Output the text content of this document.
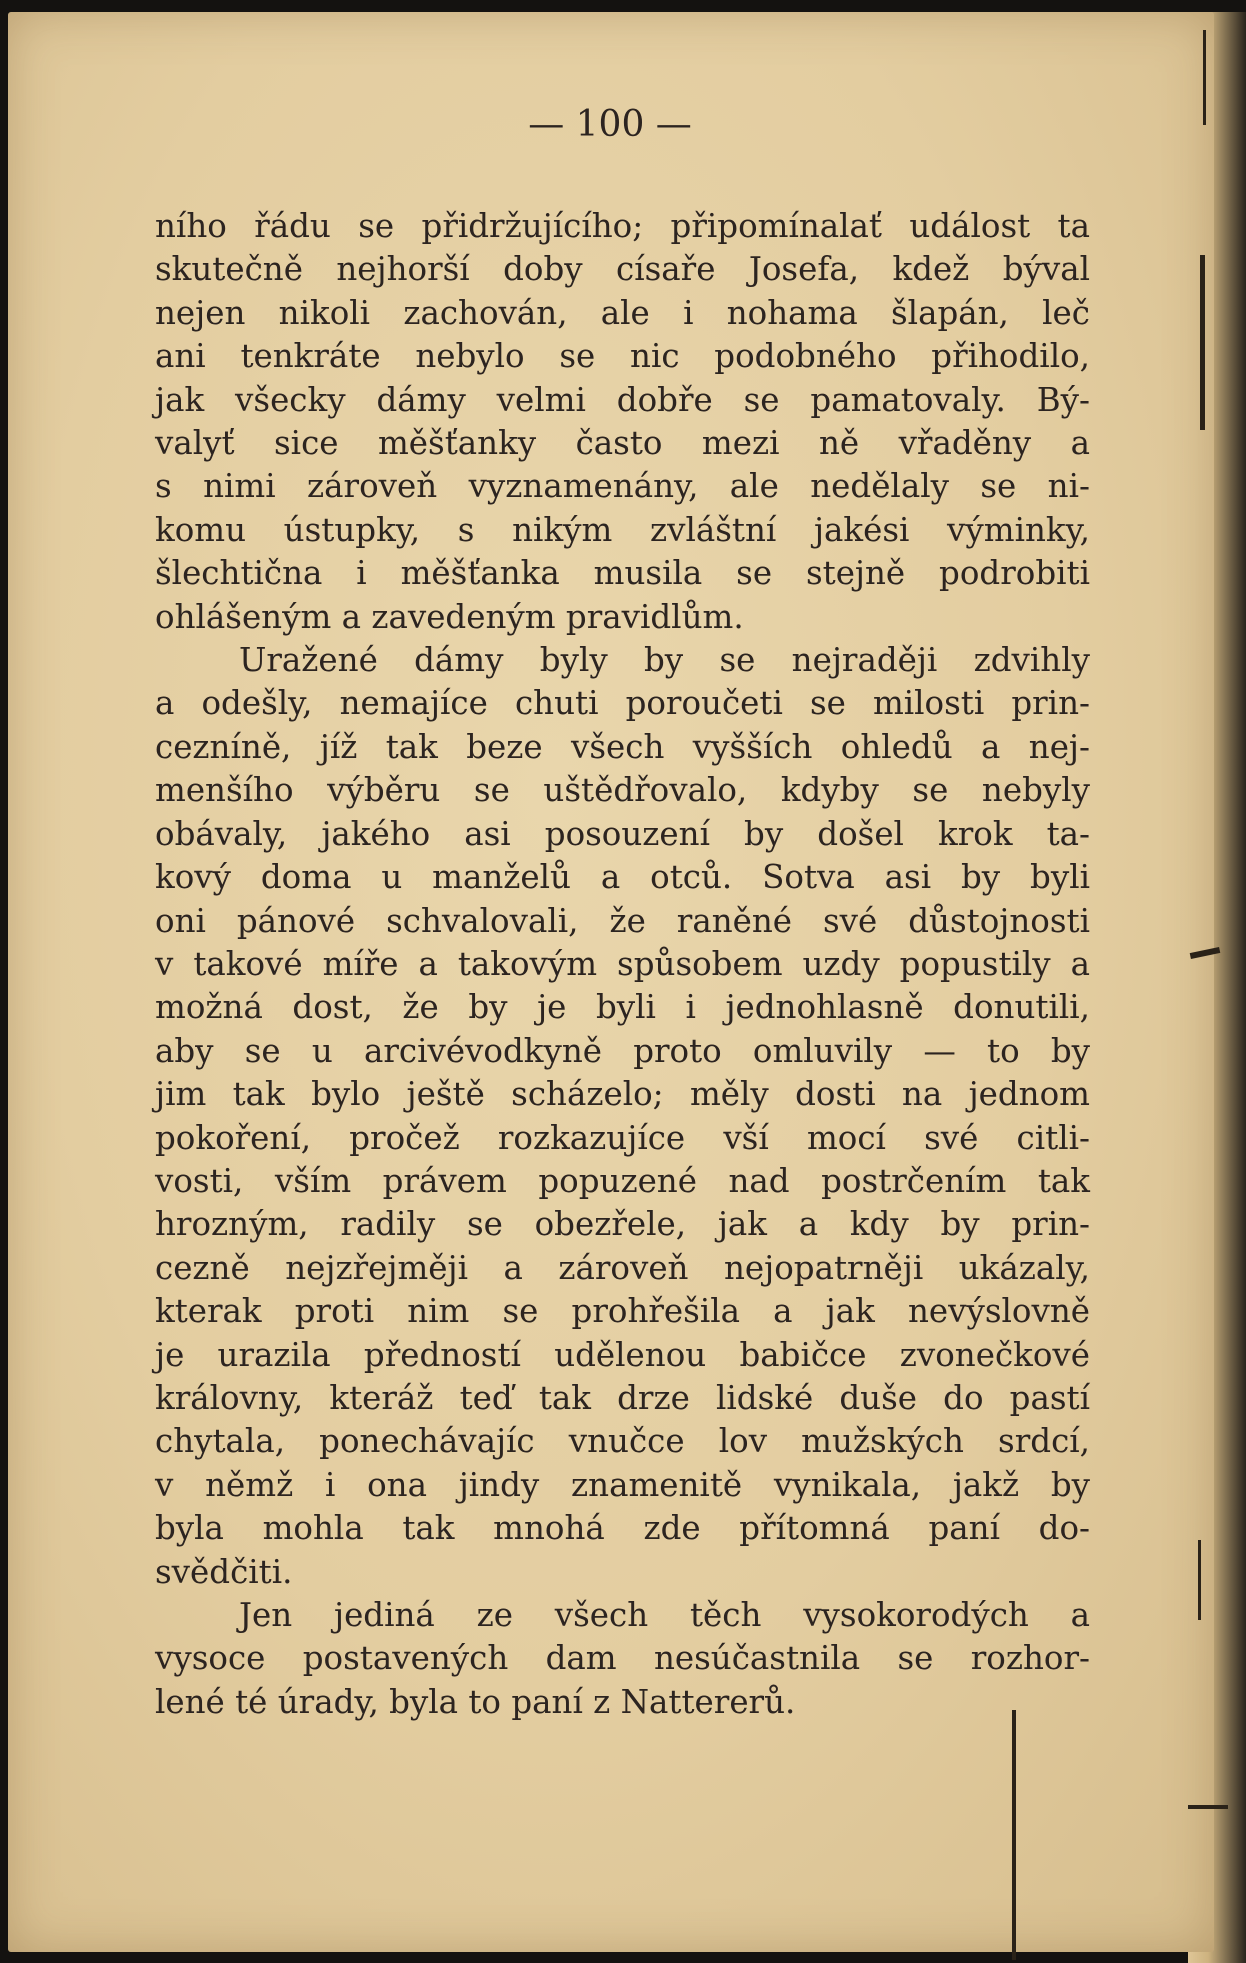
— 100 —

ního řádu se přidržujícího; připomínalať událost ta
skutečně nejhorší doby císaře Josefa, kdež býval
nejen nikoli zachován, ale i nohama šlapán, leč
ani tenkráte nebylo se nic podobného přihodilo,
jak všecky dámy velmi dobře se pamatovaly. Bý-
valyť sice měšťanky často mezi ně vřaděny a
s nimi zároveň vyznamenány, ale nedělaly se ni-
komu ústupky, s nikým zvláštní jakési výminky,
šlechtična i měšťanka musila se stejně podrobiti
ohlášeným a zavedeným pravidlům.

Uražené dámy byly by se nejraději zdvihly
a odešly, nemajíce chuti poroučeti se milosti prin-
cezníně, jíž tak beze všech vyšších ohledů a nej-
menšího výběru se uštědřovalo, kdyby se nebyly
obávaly, jakého asi posouzení by došel krok ta-
kový doma u manželů a otců. Sotva asi by byli
oni pánové schvalovali, že raněné své důstojnosti
v takové míře a takovým spůsobem uzdy popustily a
možná dost, že by je byli i jednohlasně donutili,
aby se u arcivévodkyně proto omluvily — to by
jim tak bylo ještě scházelo; měly dosti na jednom
pokoření, pročež rozkazujíce vší mocí své citli-
vosti, vším právem popuzené nad postrčením tak
hrozným, radily se obezřele, jak a kdy by prin-
cezně nejzřejměji a zároveň nejopatrněji ukázaly,
kterak proti nim se prohřešila a jak nevýslovně
je urazila předností udělenou babičce zvonečkové
královny, kteráž teď tak drze lidské duše do pastí
chytala, ponechávajíc vnučce lov mužských srdcí,
v němž i ona jindy znamenitě vynikala, jakž by
byla mohla tak mnohá zde přítomná paní do-
svědčiti.

Jen jediná ze všech těch vysokorodých a
vysoce postavených dam nesúčastnila se rozhor-
lené té úrady, byla to paní z Nattererů.
